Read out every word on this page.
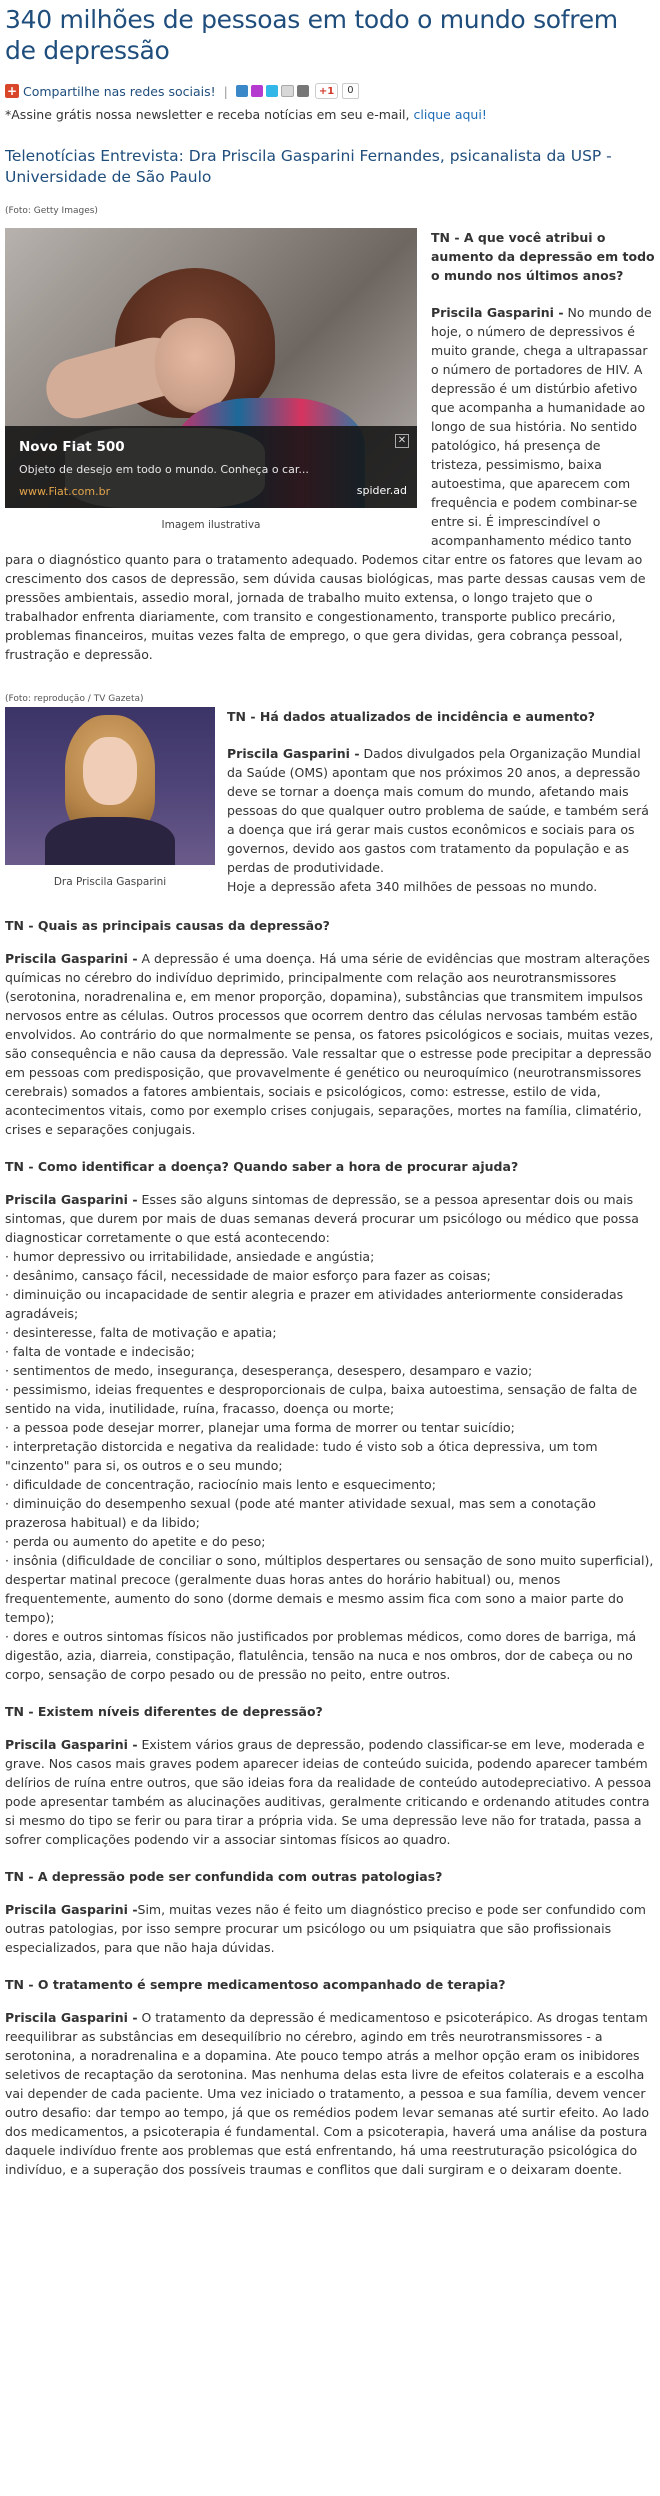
340 milhões de pessoas em todo o mundo sofrem de depressão
+ Compartilhe nas redes sociais! |	+1	0
*Assine grátis nossa newsletter e receba notícias em seu e-mail, clique aqui!
Telenotícias Entrevista: Dra Priscila Gasparini Fernandes, psicanalista da USP - Universidade de São Paulo
(Foto: Getty Images)
Novo Fiat 500
Objeto de desejo em todo o mundo. Conheça o car...
www.Fiat.com.br
✕
spider.ad
Imagem ilustrativa

TN - A que você atribui o aumento da depressão em todo o mundo nos últimos anos?

Priscila Gasparini - No mundo de hoje, o número de depressivos é muito grande, chega a ultrapassar o número de portadores de HIV. A depressão é um distúrbio afetivo que acompanha a humanidade ao longo de sua história. No sentido patológico, há presença de tristeza, pessimismo, baixa autoestima, que aparecem com frequência e podem combinar-se entre si. É imprescindível o acompanhamento médico tanto para o diagnóstico quanto para o tratamento adequado. Podemos citar entre os fatores que levam ao crescimento dos casos de depressão, sem dúvida causas biológicas, mas parte dessas causas vem de pressões ambientais, assedio moral, jornada de trabalho muito extensa, o longo trajeto que o trabalhador enfrenta diariamente, com transito e congestionamento, transporte publico precário, problemas financeiros, muitas vezes falta de emprego, o que gera dividas, gera cobrança pessoal, frustração e depressão.

(Foto: reprodução / TV Gazeta)
Dra Priscila Gasparini

TN - Há dados atualizados de incidência e aumento?

Priscila Gasparini - Dados divulgados pela Organização Mundial da Saúde (OMS) apontam que nos próximos 20 anos, a depressão deve se tornar a doença mais comum do mundo, afetando mais pessoas do que qualquer outro problema de saúde, e também será a doença que irá gerar mais custos econômicos e sociais para os governos, devido aos gastos com tratamento da população e as perdas de produtividade.

Hoje a depressão afeta 340 milhões de pessoas no mundo.

TN - Quais as principais causas da depressão?

Priscila Gasparini - A depressão é uma doença. Há uma série de evidências que mostram alterações químicas no cérebro do indivíduo deprimido, principalmente com relação aos neurotransmissores (serotonina, noradrenalina e, em menor proporção, dopamina), substâncias que transmitem impulsos nervosos entre as células. Outros processos que ocorrem dentro das células nervosas também estão envolvidos. Ao contrário do que normalmente se pensa, os fatores psicológicos e sociais, muitas vezes, são consequência e não causa da depressão. Vale ressaltar que o estresse pode precipitar a depressão em pessoas com predisposição, que provavelmente é genético ou neuroquímico (neurotransmissores cerebrais) somados a fatores ambientais, sociais e psicológicos, como: estresse, estilo de vida, acontecimentos vitais, como por exemplo crises conjugais, separações, mortes na família, climatério, crises e separações conjugais.

TN - Como identificar a doença? Quando saber a hora de procurar ajuda?

Priscila Gasparini - Esses são alguns sintomas de depressão, se a pessoa apresentar dois ou mais sintomas, que durem por mais de duas semanas deverá procurar um psicólogo ou médico que possa diagnosticar corretamente o que está acontecendo:

· humor depressivo ou irritabilidade, ansiedade e angústia;

· desânimo, cansaço fácil, necessidade de maior esforço para fazer as coisas;

· diminuição ou incapacidade de sentir alegria e prazer em atividades anteriormente consideradas agradáveis;

· desinteresse, falta de motivação e apatia;

· falta de vontade e indecisão;

· sentimentos de medo, insegurança, desesperança, desespero, desamparo e vazio;

· pessimismo, ideias frequentes e desproporcionais de culpa, baixa autoestima, sensação de falta de sentido na vida, inutilidade, ruína, fracasso, doença ou morte;

· a pessoa pode desejar morrer, planejar uma forma de morrer ou tentar suicídio;

· interpretação distorcida e negativa da realidade: tudo é visto sob a ótica depressiva, um tom "cinzento" para si, os outros e o seu mundo;

· dificuldade de concentração, raciocínio mais lento e esquecimento;

· diminuição do desempenho sexual (pode até manter atividade sexual, mas sem a conotação prazerosa habitual) e da libido;

· perda ou aumento do apetite e do peso;

· insônia (dificuldade de conciliar o sono, múltiplos despertares ou sensação de sono muito superficial), despertar matinal precoce (geralmente duas horas antes do horário habitual) ou, menos frequentemente, aumento do sono (dorme demais e mesmo assim fica com sono a maior parte do tempo);

· dores e outros sintomas físicos não justificados por problemas médicos, como dores de barriga, má digestão, azia, diarreia, constipação, flatulência, tensão na nuca e nos ombros, dor de cabeça ou no corpo, sensação de corpo pesado ou de pressão no peito, entre outros.

TN - Existem níveis diferentes de depressão?

Priscila Gasparini - Existem vários graus de depressão, podendo classificar-se em leve, moderada e grave. Nos casos mais graves podem aparecer ideias de conteúdo suicida, podendo aparecer também delírios de ruína entre outros, que são ideias fora da realidade de conteúdo autodepreciativo. A pessoa pode apresentar também as alucinações auditivas, geralmente criticando e ordenando atitudes contra si mesmo do tipo se ferir ou para tirar a própria vida. Se uma depressão leve não for tratada, passa a sofrer complicações podendo vir a associar sintomas físicos ao quadro.

TN - A depressão pode ser confundida com outras patologias?

Priscila Gasparini -Sim, muitas vezes não é feito um diagnóstico preciso e pode ser confundido com outras patologias, por isso sempre procurar um psicólogo ou um psiquiatra que são profissionais especializados, para que não haja dúvidas.

TN - O tratamento é sempre medicamentoso acompanhado de terapia?

Priscila Gasparini - O tratamento da depressão é medicamentoso e psicoterápico. As drogas tentam reequilibrar as substâncias em desequilíbrio no cérebro, agindo em três neurotransmissores - a serotonina, a noradrenalina e a dopamina. Ate pouco tempo atrás a melhor opção eram os inibidores seletivos de recaptação da serotonina. Mas nenhuma delas esta livre de efeitos colaterais e a escolha vai depender de cada paciente. Uma vez iniciado o tratamento, a pessoa e sua família, devem vencer outro desafio: dar tempo ao tempo, já que os remédios podem levar semanas até surtir efeito. Ao lado dos medicamentos, a psicoterapia é fundamental. Com a psicoterapia, haverá uma análise da postura daquele indivíduo frente aos problemas que está enfrentando, há uma reestruturação psicológica do indivíduo, e a superação dos possíveis traumas e conflitos que dali surgiram e o deixaram doente.
